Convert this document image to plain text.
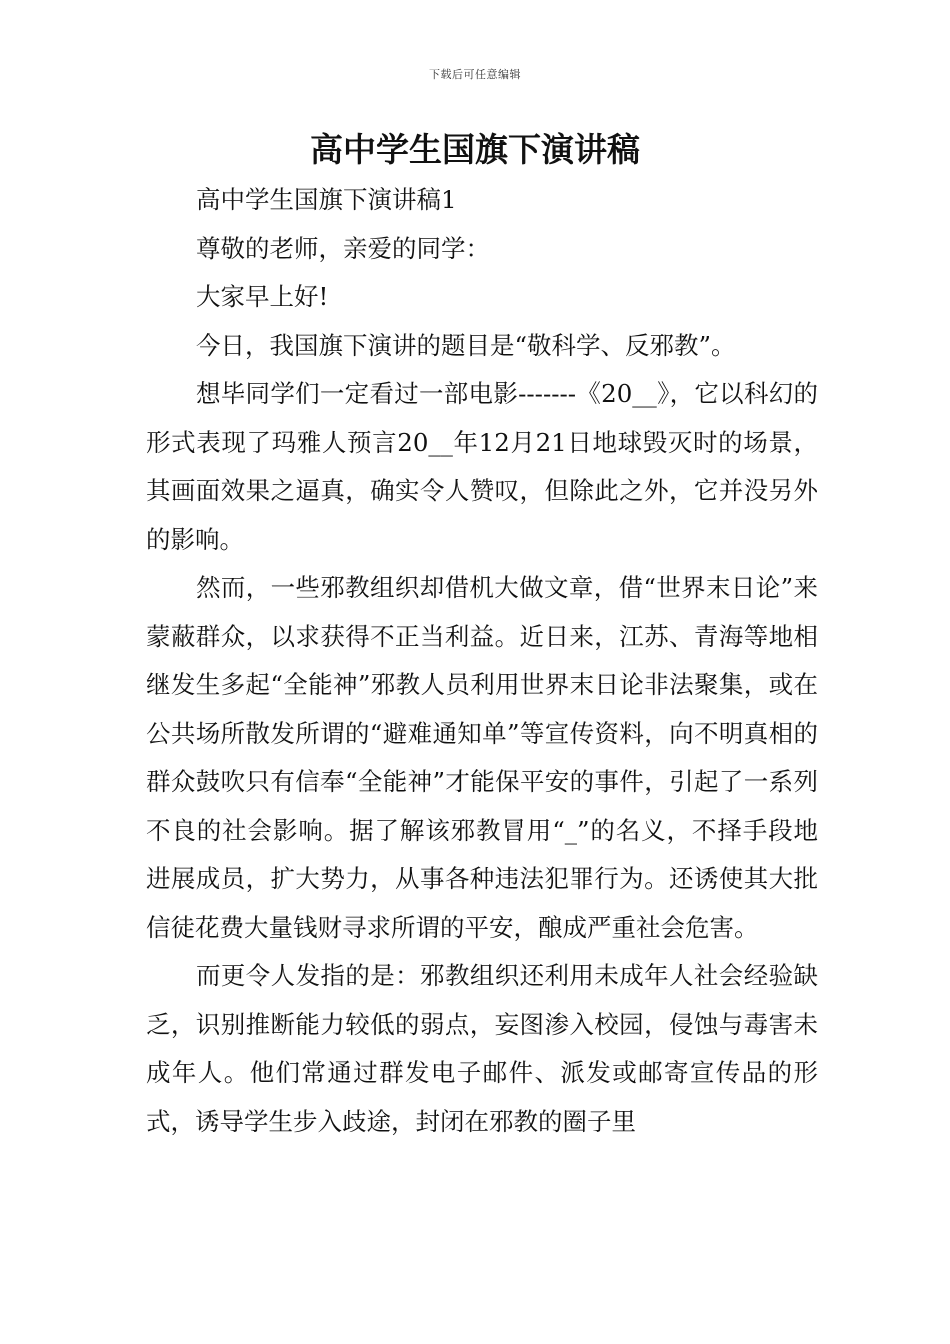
下载后可任意编辑
高中学生国旗下演讲稿

高中学生国旗下演讲稿1

尊敬的老师，亲爱的同学：

大家早上好!

今日，我国旗下演讲的题目是“敬科学、反邪教”。

想毕同学们一定看过一部电影-------《20__》，它以科幻的形式表现了玛雅人预言20__年12月21日地球毁灭时的场景，其画面效果之逼真，确实令人赞叹，但除此之外，它并没另外的影响。

然而，一些邪教组织却借机大做文章，借“世界末日论”来蒙蔽群众，以求获得不正当利益。近日来，江苏、青海等地相继发生多起“全能神”邪教人员利用世界末日论非法聚集，或在公共场所散发所谓的“避难通知单”等宣传资料，向不明真相的群众鼓吹只有信奉“全能神”才能保平安的事件，引起了一系列不良的社会影响。据了解该邪教冒用“_”的名义，不择手段地进展成员，扩大势力，从事各种违法犯罪行为。还诱使其大批信徒花费大量钱财寻求所谓的平安，酿成严重社会危害。

而更令人发指的是：邪教组织还利用未成年人社会经验缺乏，识别推断能力较低的弱点，妄图渗入校园，侵蚀与毒害未成年人。他们常通过群发电子邮件、派发或邮寄宣传品的形式，诱导学生步入歧途，封闭在邪教的圈子里
